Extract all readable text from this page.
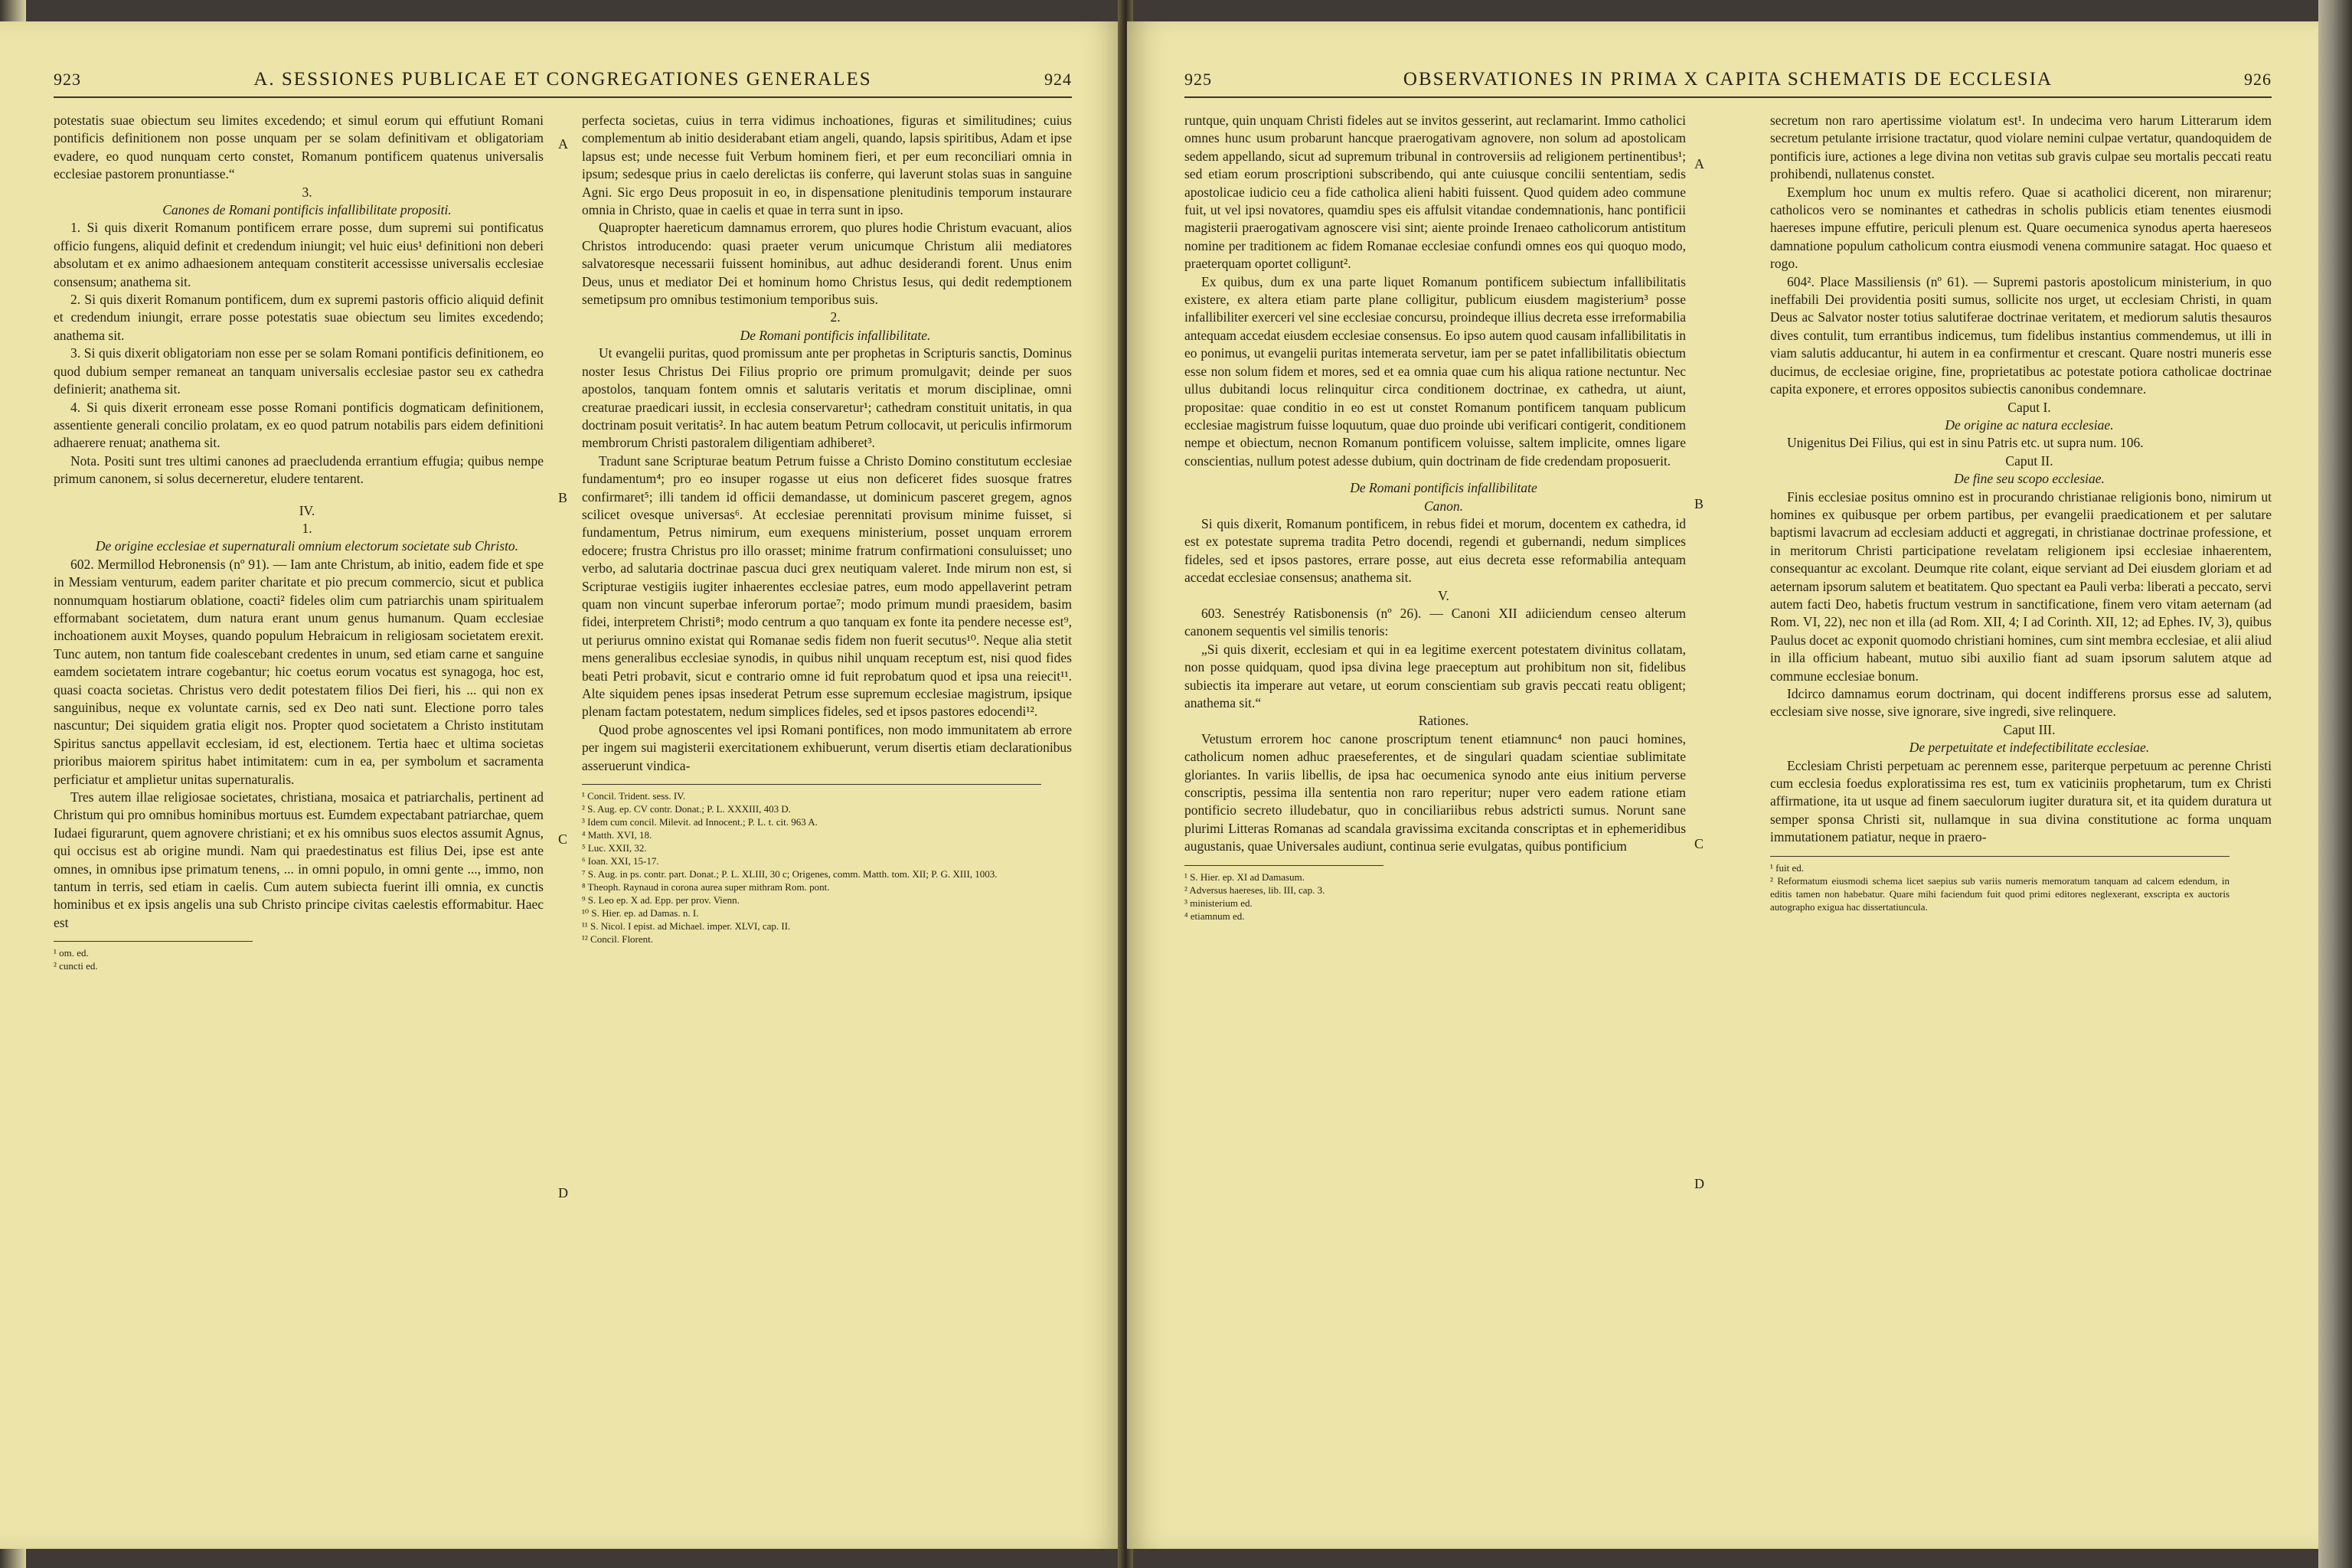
923	A. SESSIONES PUBLICAE ET CONGREGATIONES GENERALES	924

potestatis suae obiectum seu limites excedendo; et simul eorum qui effutiunt Romani pontificis definitionem non posse unquam per se solam definitivam et obligatoriam evadere, eo quod nunquam certo constet, Romanum pontificem quatenus universalis ecclesiae pastorem pronuntiasse.“

3.

Canones de Romani pontificis infallibilitate propositi.

1. Si quis dixerit Romanum pontificem errare posse, dum supremi sui pontificatus officio fungens, aliquid definit et credendum iniungit; vel huic eius¹ definitioni non deberi absolutam et ex animo adhaesionem antequam constiterit accessisse universalis ecclesiae consensum; anathema sit.

2. Si quis dixerit Romanum pontificem, dum ex supremi pastoris officio aliquid definit et credendum iniungit, errare posse potestatis suae obiectum seu limites excedendo; anathema sit.

3. Si quis dixerit obligatoriam non esse per se solam Romani pontificis definitionem, eo quod dubium semper remaneat an tanquam universalis ecclesiae pastor seu ex cathedra definierit; anathema sit.

4. Si quis dixerit erroneam esse posse Romani pontificis dogmaticam definitionem, assentiente generali concilio prolatam, ex eo quod patrum notabilis pars eidem definitioni adhaerere renuat; anathema sit.

Nota. Positi sunt tres ultimi canones ad praecludenda errantium effugia; quibus nempe primum canonem, si solus decerneretur, eludere tentarent.

IV.

1.

De origine ecclesiae et supernaturali omnium electorum societate sub Christo.

602. Mermillod Hebronensis (nº 91). — Iam ante Christum, ab initio, eadem fide et spe in Messiam venturum, eadem pariter charitate et pio precum commercio, sicut et publica nonnumquam hostiarum oblatione, coacti² fideles olim cum patriarchis unam spiritualem efformabant societatem, dum natura erant unum genus humanum. Quam ecclesiae inchoationem auxit Moyses, quando populum Hebraicum in religiosam societatem erexit. Tunc autem, non tantum fide coalescebant credentes in unum, sed etiam carne et sanguine eamdem societatem intrare cogebantur; hic coetus eorum vocatus est synagoga, hoc est, quasi coacta societas. Christus vero dedit potestatem filios Dei fieri, his ... qui non ex sanguinibus, neque ex voluntate carnis, sed ex Deo nati sunt. Electione porro tales nascuntur; Dei siquidem gratia eligit nos. Propter quod societatem a Christo institutam Spiritus sanctus appellavit ecclesiam, id est, electionem. Tertia haec et ultima societas prioribus maiorem spiritus habet intimitatem: cum in ea, per symbolum et sacramenta perficiatur et amplietur unitas supernaturalis.

Tres autem illae religiosae societates, christiana, mosaica et patriarchalis, pertinent ad Christum qui pro omnibus hominibus mortuus est. Eumdem expectabant patriarchae, quem Iudaei figurarunt, quem agnovere christiani; et ex his omnibus suos electos assumit Agnus, qui occisus est ab origine mundi. Nam qui praedestinatus est filius Dei, ipse est ante omnes, in omnibus ipse primatum tenens, ... in omni populo, in omni gente ..., immo, non tantum in terris, sed etiam in caelis. Cum autem subiecta fuerint illi omnia, ex cunctis hominibus et ex ipsis angelis una sub Christo principe civitas caelestis efformabitur. Haec est

¹ om. ed.
² cuncti ed.

perfecta societas, cuius in terra vidimus inchoationes, figuras et similitudines; cuius complementum ab initio desiderabant etiam angeli, quando, lapsis spiritibus, Adam et ipse lapsus est; unde necesse fuit Verbum hominem fieri, et per eum reconciliari omnia in ipsum; sedesque prius in caelo derelictas iis conferre, qui laverunt stolas suas in sanguine Agni. Sic ergo Deus proposuit in eo, in dispensatione plenitudinis temporum instaurare omnia in Christo, quae in caelis et quae in terra sunt in ipso.

Quapropter haereticum damnamus errorem, quo plures hodie Christum evacuant, alios Christos introducendo: quasi praeter verum unicumque Christum alii mediatores salvatoresque necessarii fuissent hominibus, aut adhuc desiderandi forent. Unus enim Deus, unus et mediator Dei et hominum homo Christus Iesus, qui dedit redemptionem semetipsum pro omnibus testimonium temporibus suis.

2.

De Romani pontificis infallibilitate.

Ut evangelii puritas, quod promissum ante per prophetas in Scripturis sanctis, Dominus noster Iesus Christus Dei Filius proprio ore primum promulgavit; deinde per suos apostolos, tanquam fontem omnis et salutaris veritatis et morum disciplinae, omni creaturae praedicari iussit, in ecclesia conservaretur¹; cathedram constituit unitatis, in qua doctrinam posuit veritatis². In hac autem beatum Petrum collocavit, ut periculis infirmorum membrorum Christi pastoralem diligentiam adhiberet³.

Tradunt sane Scripturae beatum Petrum fuisse a Christo Domino constitutum ecclesiae fundamentum⁴; pro eo insuper rogasse ut eius non deficeret fides suosque fratres confirmaret⁵; illi tandem id officii demandasse, ut dominicum pasceret gregem, agnos scilicet ovesque universas⁶. At ecclesiae perennitati provisum minime fuisset, si fundamentum, Petrus nimirum, eum exequens ministerium, posset unquam errorem edocere; frustra Christus pro illo orasset; minime fratrum confirmationi consuluisset; uno verbo, ad salutaria doctrinae pascua duci grex neutiquam valeret. Inde mirum non est, si Scripturae vestigiis iugiter inhaerentes ecclesiae patres, eum modo appellaverint petram quam non vincunt superbae inferorum portae⁷; modo primum mundi praesidem, basim fidei, interpretem Christi⁸; modo centrum a quo tanquam ex fonte ita pendere necesse est⁹, ut periurus omnino existat qui Romanae sedis fidem non fuerit secutus¹⁰. Neque alia stetit mens generalibus ecclesiae synodis, in quibus nihil unquam receptum est, nisi quod fides beati Petri probavit, sicut e contrario omne id fuit reprobatum quod et ipsa una reiecit¹¹. Alte siquidem penes ipsas insederat Petrum esse supremum ecclesiae magistrum, ipsique plenam factam potestatem, nedum simplices fideles, sed et ipsos pastores edocendi¹².

Quod probe agnoscentes vel ipsi Romani pontifices, non modo immunitatem ab errore per ingem sui magisterii exercitationem exhibuerunt, verum disertis etiam declarationibus asseruerunt vindica-

¹ Concil. Trident. sess. IV.
² S. Aug. ep. CV contr. Donat.; P. L. XXXIII, 403 D.
³ Idem cum concil. Milevit. ad Innocent.; P. L. t. cit. 963 A.
⁴ Matth. XVI, 18.
⁵ Luc. XXII, 32.
⁶ Ioan. XXI, 15-17.
⁷ S. Aug. in ps. contr. part. Donat.; P. L. XLIII, 30 c; Origenes, comm. Matth. tom. XII; P. G. XIII, 1003.
⁸ Theoph. Raynaud in corona aurea super mithram Rom. pont.
⁹ S. Leo ep. X ad. Epp. per prov. Vienn.
¹⁰ S. Hier. ep. ad Damas. n. I.
¹¹ S. Nicol. I epist. ad Michael. imper. XLVI, cap. II.
¹² Concil. Florent.
A
B
C
D
925	OBSERVATIONES IN PRIMA X CAPITA SCHEMATIS DE ECCLESIA	926

runtque, quin unquam Christi fideles aut se invitos gesserint, aut reclamarint. Immo catholici omnes hunc usum probarunt hancque praerogativam agnovere, non solum ad apostolicam sedem appellando, sicut ad supremum tribunal in controversiis ad religionem pertinentibus¹; sed etiam eorum proscriptioni subscribendo, qui ante cuiusque concilii sententiam, sedis apostolicae iudicio ceu a fide catholica alieni habiti fuissent. Quod quidem adeo commune fuit, ut vel ipsi novatores, quamdiu spes eis affulsit vitandae condemnationis, hanc pontificii magisterii praerogativam agnoscere visi sint; aiente proinde Irenaeo catholicorum antistitum nomine per traditionem ac fidem Romanae ecclesiae confundi omnes eos qui quoquo modo, praeterquam oportet colligunt².

Ex quibus, dum ex una parte liquet Romanum pontificem subiectum infallibilitatis existere, ex altera etiam parte plane colligitur, publicum eiusdem magisterium³ posse infallibiliter exerceri vel sine ecclesiae concursu, proindeque illius decreta esse irreformabilia antequam accedat eiusdem ecclesiae consensus. Eo ipso autem quod causam infallibilitatis in eo ponimus, ut evangelii puritas intemerata servetur, iam per se patet infallibilitatis obiectum esse non solum fidem et mores, sed et ea omnia quae cum his aliqua ratione nectuntur. Nec ullus dubitandi locus relinquitur circa conditionem doctrinae, ex cathedra, ut aiunt, propositae: quae conditio in eo est ut constet Romanum pontificem tanquam publicum ecclesiae magistrum fuisse loquutum, quae duo proinde ubi verificari contigerit, conditionem nempe et obiectum, necnon Romanum pontificem voluisse, saltem implicite, omnes ligare conscientias, nullum potest adesse dubium, quin doctrinam de fide credendam proposuerit.

De Romani pontificis infallibilitate

Canon.

Si quis dixerit, Romanum pontificem, in rebus fidei et morum, docentem ex cathedra, id est ex potestate suprema tradita Petro docendi, regendi et gubernandi, nedum simplices fideles, sed et ipsos pastores, errare posse, aut eius decreta esse reformabilia antequam accedat ecclesiae consensus; anathema sit.

V.

603. Senestréy Ratisbonensis (nº 26). — Canoni XII adiiciendum censeo alterum canonem sequentis vel similis tenoris:

„Si quis dixerit, ecclesiam et qui in ea legitime exercent potestatem divinitus collatam, non posse quidquam, quod ipsa divina lege praeceptum aut prohibitum non sit, fidelibus subiectis ita imperare aut vetare, ut eorum conscientiam sub gravis peccati reatu obligent; anathema sit.“

Rationes.

Vetustum errorem hoc canone proscriptum tenent etiamnunc⁴ non pauci homines, catholicum nomen adhuc praeseferentes, et de singulari quadam scientiae sublimitate gloriantes. In variis libellis, de ipsa hac oecumenica synodo ante eius initium perverse conscriptis, pessima illa sententia non raro reperitur; nuper vero eadem ratione etiam pontificio secreto illudebatur, quo in conciliariibus rebus adstricti sumus. Norunt sane plurimi Litteras Romanas ad scandala gravissima excitanda conscriptas et in ephemeridibus augustanis, quae Universales audiunt, continua serie evulgatas, quibus pontificium

¹ S. Hier. ep. XI ad Damasum.
² Adversus haereses, lib. III, cap. 3.
³ ministerium ed.
⁴ etiamnum ed.

secretum non raro apertissime violatum est¹. In undecima vero harum Litterarum idem secretum petulante irrisione tractatur, quod violare nemini culpae vertatur, quandoquidem de pontificis iure, actiones a lege divina non vetitas sub gravis culpae seu mortalis peccati reatu prohibendi, nullatenus constet.

Exemplum hoc unum ex multis refero. Quae si acatholici dicerent, non mirarenur; catholicos vero se nominantes et cathedras in scholis publicis etiam tenentes eiusmodi haereses impune effutire, periculi plenum est. Quare oecumenica synodus aperta haereseos damnatione populum catholicum contra eiusmodi venena communire satagat. Hoc quaeso et rogo.

604². Place Massiliensis (nº 61). — Supremi pastoris apostolicum ministerium, in quo ineffabili Dei providentia positi sumus, sollicite nos urget, ut ecclesiam Christi, in quam Deus ac Salvator noster totius salutiferae doctrinae veritatem, et mediorum salutis thesauros dives contulit, tum errantibus indicemus, tum fidelibus instantius commendemus, ut illi in viam salutis adducantur, hi autem in ea confirmentur et crescant. Quare nostri muneris esse ducimus, de ecclesiae origine, fine, proprietatibus ac potestate potiora catholicae doctrinae capita exponere, et errores oppositos subiectis canonibus condemnare.

Caput I.

De origine ac natura ecclesiae.

Unigenitus Dei Filius, qui est in sinu Patris etc. ut supra num. 106.

Caput II.

De fine seu scopo ecclesiae.

Finis ecclesiae positus omnino est in procurando christianae religionis bono, nimirum ut homines ex quibusque per orbem partibus, per evangelii praedicationem et per salutare baptismi lavacrum ad ecclesiam adducti et aggregati, in christianae doctrinae professione, et in meritorum Christi participatione revelatam religionem ipsi ecclesiae inhaerentem, consequantur ac excolant. Deumque rite colant, eique serviant ad Dei eiusdem gloriam et ad aeternam ipsorum salutem et beatitatem. Quo spectant ea Pauli verba: liberati a peccato, servi autem facti Deo, habetis fructum vestrum in sanctificatione, finem vero vitam aeternam (ad Rom. VI, 22), nec non et illa (ad Rom. XII, 4; I ad Corinth. XII, 12; ad Ephes. IV, 3), quibus Paulus docet ac exponit quomodo christiani homines, cum sint membra ecclesiae, et alii aliud in illa officium habeant, mutuo sibi auxilio fiant ad suam ipsorum salutem atque ad commune ecclesiae bonum.

Idcirco damnamus eorum doctrinam, qui docent indifferens prorsus esse ad salutem, ecclesiam sive nosse, sive ignorare, sive ingredi, sive relinquere.

Caput III.

De perpetuitate et indefectibilitate ecclesiae.

Ecclesiam Christi perpetuam ac perennem esse, pariterque perpetuum ac perenne Christi cum ecclesia foedus exploratissima res est, tum ex vaticiniis prophetarum, tum ex Christi affirmatione, ita ut usque ad finem saeculorum iugiter duratura sit, et ita quidem duratura ut semper sponsa Christi sit, nullamque in sua divina constitutione ac forma unquam immutationem patiatur, neque in praero-

¹ fuit ed.
² Reformatum eiusmodi schema licet saepius sub variis numeris memoratum tanquam ad calcem edendum, in editis tamen non habebatur. Quare mihi faciendum fuit quod primi editores neglexerant, exscripta ex auctoris autographo exigua hac dissertatiuncula.
A
B
C
D
